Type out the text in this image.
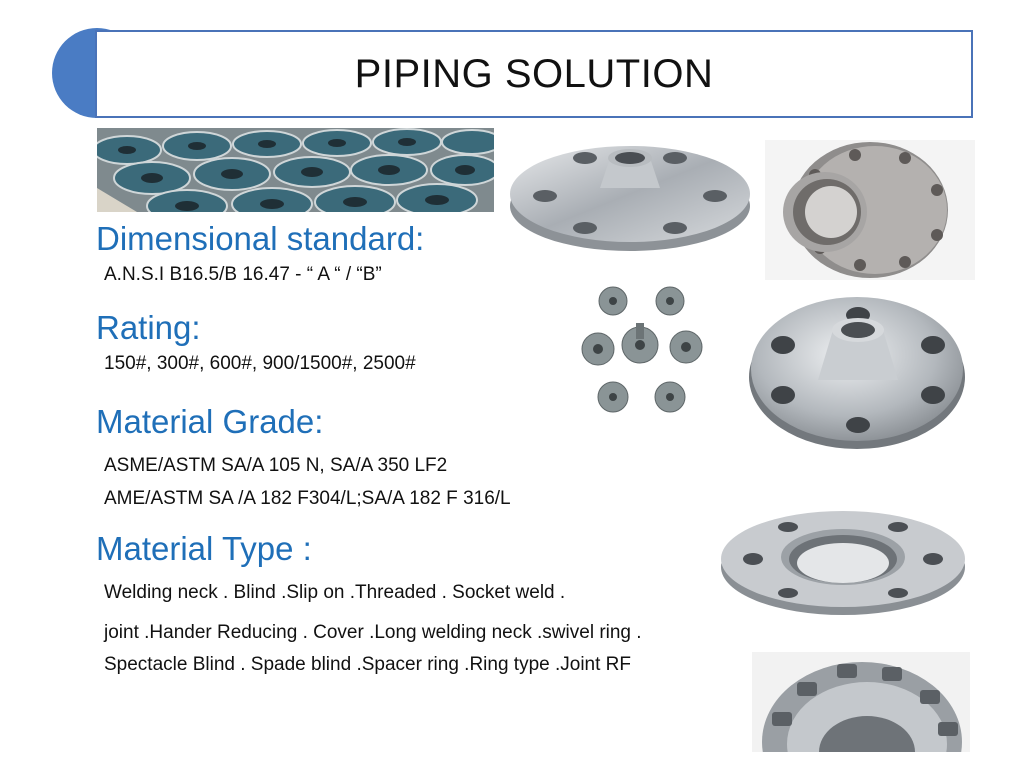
PIPING SOLUTION
Dimensional standard:
A.N.S.I B16.5/B 16.47 - “ A “ / “B”
Rating:
150#, 300#, 600#, 900/1500#, 2500#
Material Grade:
ASME/ASTM SA/A 105 N, SA/A 350 LF2
AME/ASTM SA /A 182 F304/L;SA/A 182 F 316/L
Material Type :
Welding neck . Blind .Slip on .Threaded . Socket weld .
joint .Hander Reducing . Cover .Long welding neck .swivel ring .
Spectacle Blind . Spade blind .Spacer ring .Ring type .Joint RF
